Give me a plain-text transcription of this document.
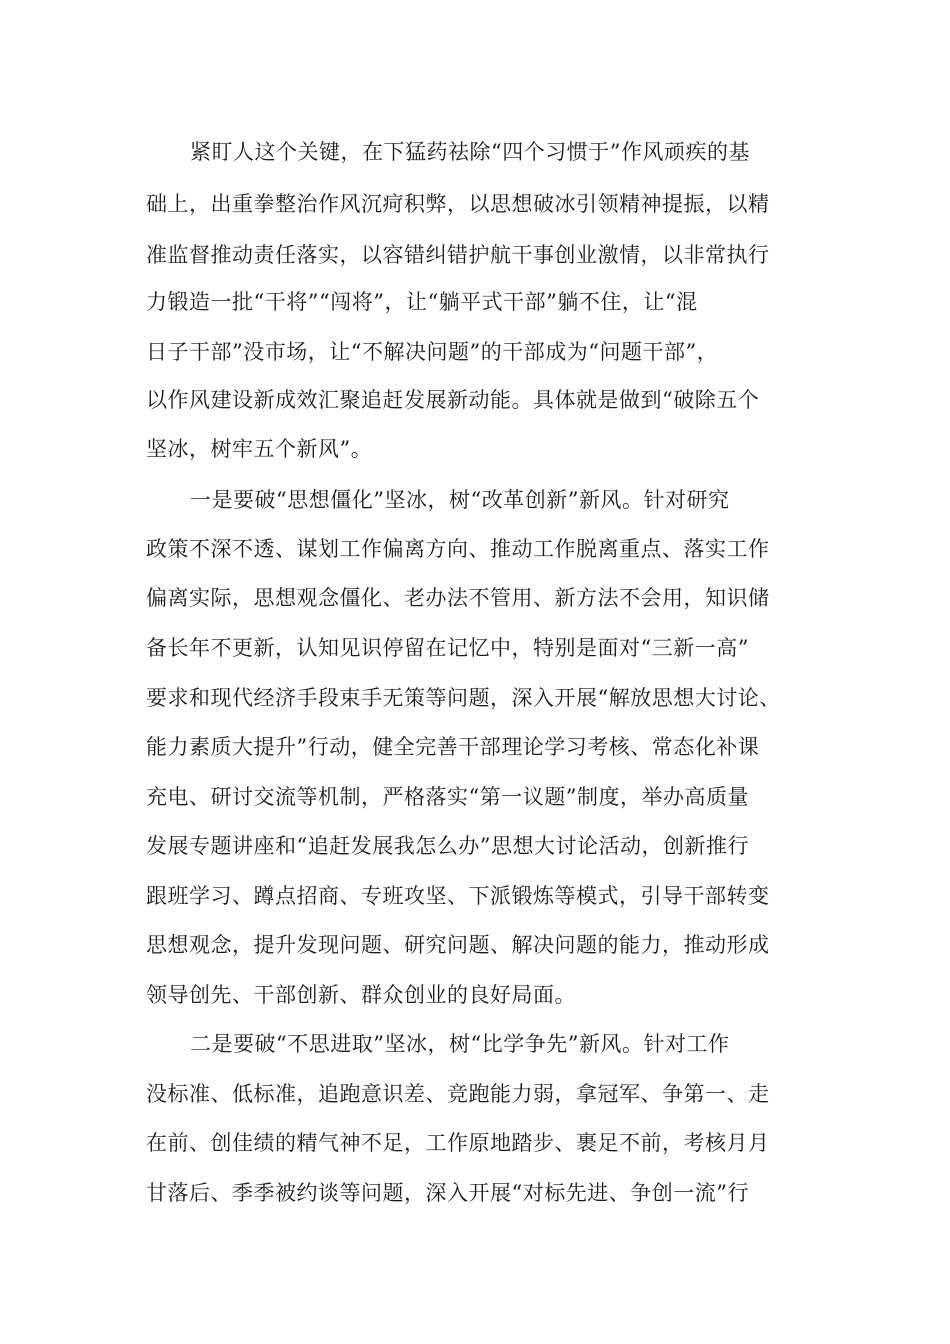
紧盯人这个关键，在下猛药祛除“四个习惯于”作风顽疾的基
础上，出重拳整治作风沉疴积弊，以思想破冰引领精神提振，以精
准监督推动责任落实，以容错纠错护航干事创业激情，以非常执行
力锻造一批“干将”“闯将”，让“躺平式干部”躺不住，让“混
日子干部”没市场，让“不解决问题”的干部成为“问题干部”，
以作风建设新成效汇聚追赶发展新动能。具体就是做到“破除五个
坚冰，树牢五个新风”。
一是要破“思想僵化”坚冰，树“改革创新”新风。针对研究
政策不深不透、谋划工作偏离方向、推动工作脱离重点、落实工作
偏离实际，思想观念僵化、老办法不管用、新方法不会用，知识储
备长年不更新，认知见识停留在记忆中，特别是面对“三新一高”
要求和现代经济手段束手无策等问题，深入开展“解放思想大讨论、
能力素质大提升”行动，健全完善干部理论学习考核、常态化补课
充电、研讨交流等机制，严格落实“第一议题”制度，举办高质量
发展专题讲座和“追赶发展我怎么办”思想大讨论活动，创新推行
跟班学习、蹲点招商、专班攻坚、下派锻炼等模式，引导干部转变
思想观念，提升发现问题、研究问题、解决问题的能力，推动形成
领导创先、干部创新、群众创业的良好局面。
二是要破“不思进取”坚冰，树“比学争先”新风。针对工作
没标准、低标准，追跑意识差、竞跑能力弱，拿冠军、争第一、走
在前、创佳绩的精气神不足，工作原地踏步、裹足不前，考核月月
甘落后、季季被约谈等问题，深入开展“对标先进、争创一流”行
